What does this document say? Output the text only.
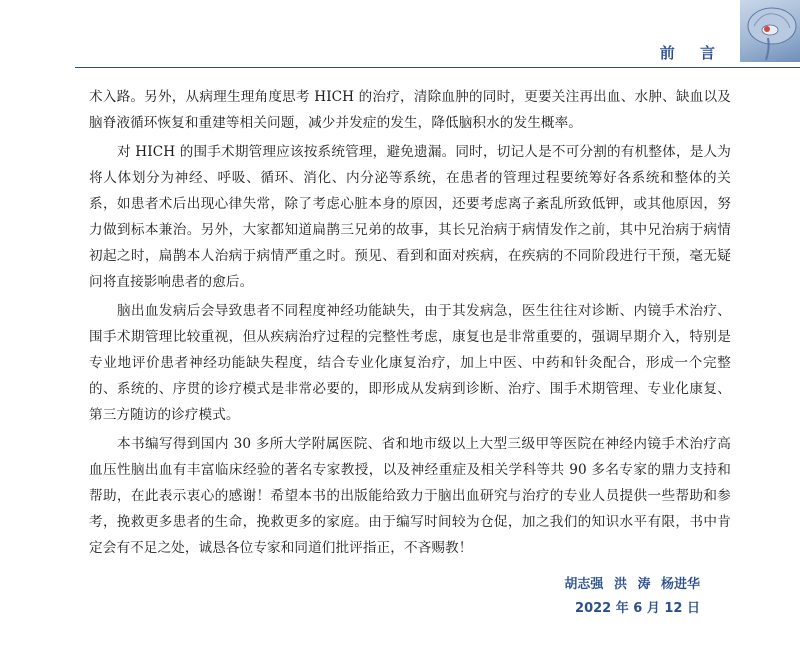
前 言

术入路。另外，从病理生理角度思考 HICH 的治疗，清除血肿的同时，更要关注再出血、水肿、缺血以及脑脊液循环恢复和重建等相关问题，减少并发症的发生，降低脑积水的发生概率。

对 HICH 的围手术期管理应该按系统管理，避免遗漏。同时，切记人是不可分割的有机整体，是人为将人体划分为神经、呼吸、循环、消化、内分泌等系统，在患者的管理过程要统筹好各系统和整体的关系，如患者术后出现心律失常，除了考虑心脏本身的原因，还要考虑离子紊乱所致低钾，或其他原因，努力做到标本兼治。另外，大家都知道扁鹊三兄弟的故事，其长兄治病于病情发作之前，其中兄治病于病情初起之时，扁鹊本人治病于病情严重之时。预见、看到和面对疾病，在疾病的不同阶段进行干预，毫无疑问将直接影响患者的愈后。

脑出血发病后会导致患者不同程度神经功能缺失，由于其发病急，医生往往对诊断、内镜手术治疗、围手术期管理比较重视，但从疾病治疗过程的完整性考虑，康复也是非常重要的，强调早期介入，特别是专业地评价患者神经功能缺失程度，结合专业化康复治疗，加上中医、中药和针灸配合，形成一个完整的、系统的、序贯的诊疗模式是非常必要的，即形成从发病到诊断、治疗、围手术期管理、专业化康复、第三方随访的诊疗模式。

本书编写得到国内 30 多所大学附属医院、省和地市级以上大型三级甲等医院在神经内镜手术治疗高血压性脑出血有丰富临床经验的著名专家教授，以及神经重症及相关学科等共 90 多名专家的鼎力支持和帮助，在此表示衷心的感谢！希望本书的出版能给致力于脑出血研究与治疗的专业人员提供一些帮助和参考，挽救更多患者的生命，挽救更多的家庭。由于编写时间较为仓促，加之我们的知识水平有限，书中肯定会有不足之处，诚恳各位专家和同道们批评指正，不吝赐教！

胡志强 洪 涛 杨进华
2022 年 6 月 12 日
